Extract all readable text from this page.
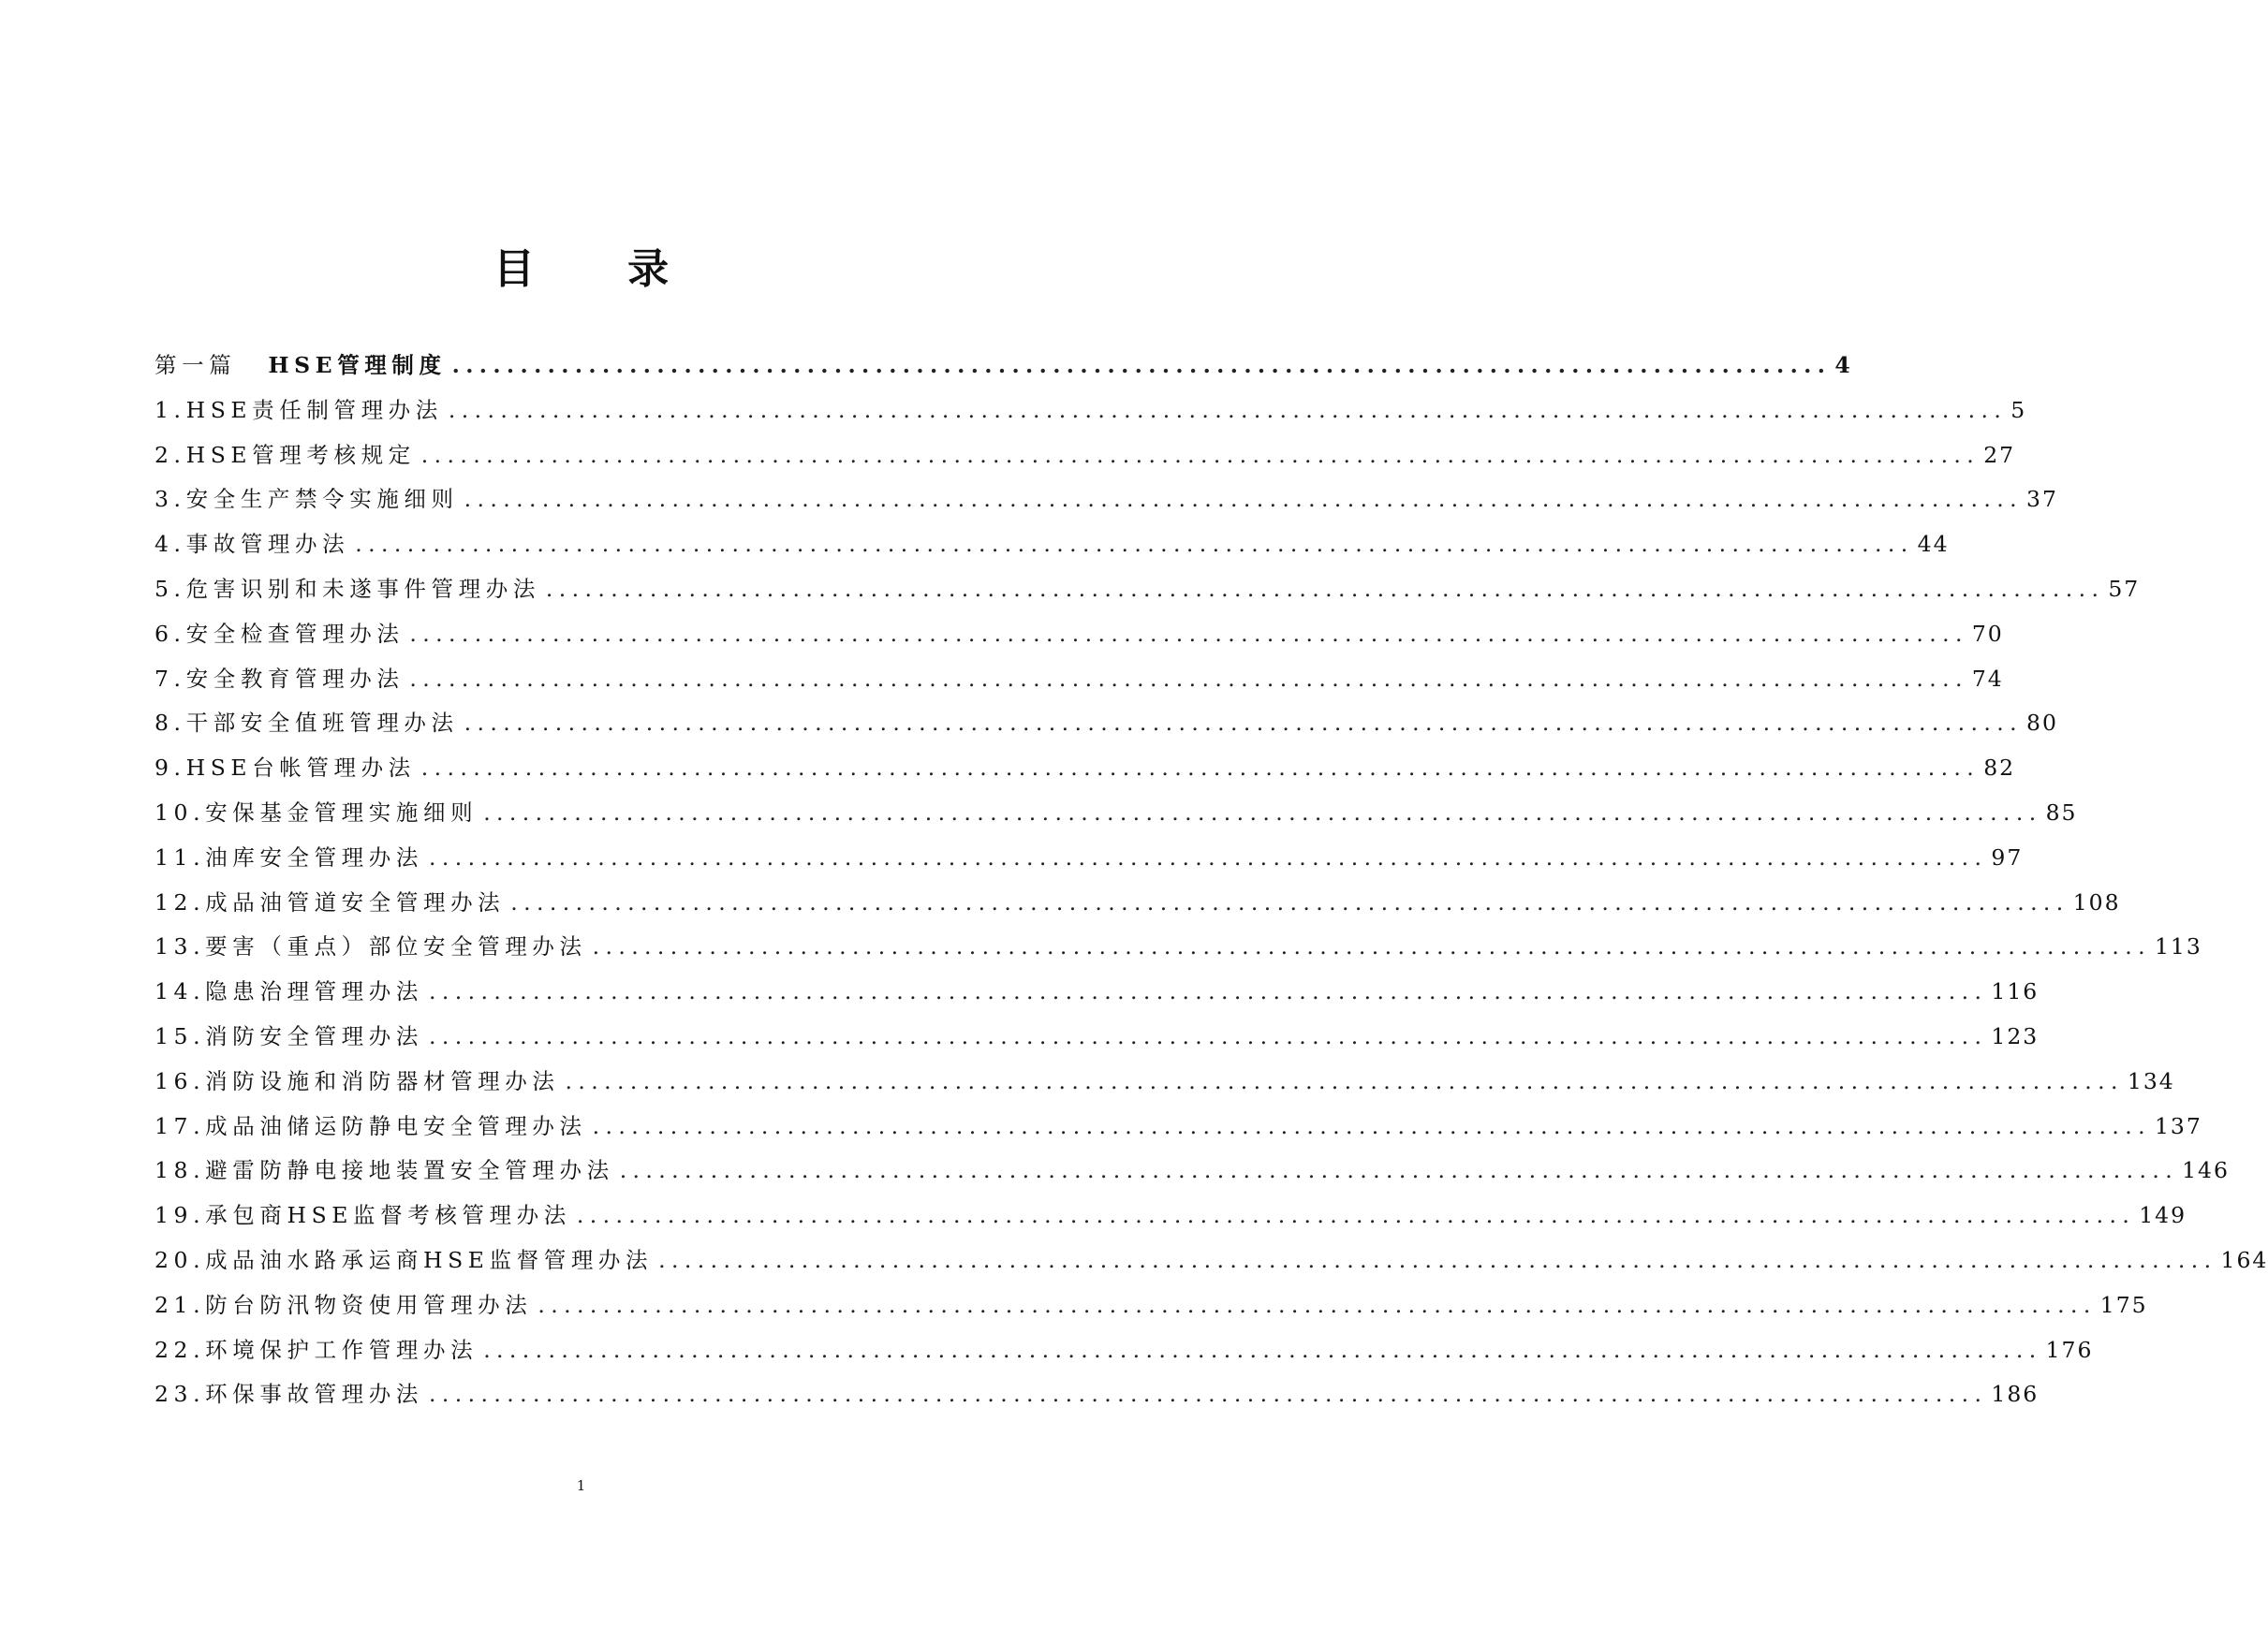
目 录
第一篇 HSE管理制度 ..................................................................................................... 4
1.HSE责任制管理办法 ........................................................................................................................ 5
2.HSE管理考核规定 ........................................................................................................................ 27
3.安全生产禁令实施细则 ........................................................................................................................ 37
4.事故管理办法 ........................................................................................................................ 44
5.危害识别和未遂事件管理办法 ........................................................................................................................ 57
6.安全检查管理办法 ........................................................................................................................ 70
7.安全教育管理办法 ........................................................................................................................ 74
8.干部安全值班管理办法 ........................................................................................................................ 80
9.HSE台帐管理办法 ........................................................................................................................ 82
10.安保基金管理实施细则 ........................................................................................................................ 85
11.油库安全管理办法 ........................................................................................................................ 97
12.成品油管道安全管理办法 ........................................................................................................................ 108
13.要害（重点）部位安全管理办法 ........................................................................................................................ 113
14.隐患治理管理办法 ........................................................................................................................ 116
15.消防安全管理办法 ........................................................................................................................ 123
16.消防设施和消防器材管理办法 ........................................................................................................................ 134
17.成品油储运防静电安全管理办法 ........................................................................................................................ 137
18.避雷防静电接地装置安全管理办法 ........................................................................................................................ 146
19.承包商HSE监督考核管理办法 ........................................................................................................................ 149
20.成品油水路承运商HSE监督管理办法 ........................................................................................................................ 164
21.防台防汛物资使用管理办法 ........................................................................................................................ 175
22.环境保护工作管理办法 ........................................................................................................................ 176
23.环保事故管理办法 ........................................................................................................................ 186
1
